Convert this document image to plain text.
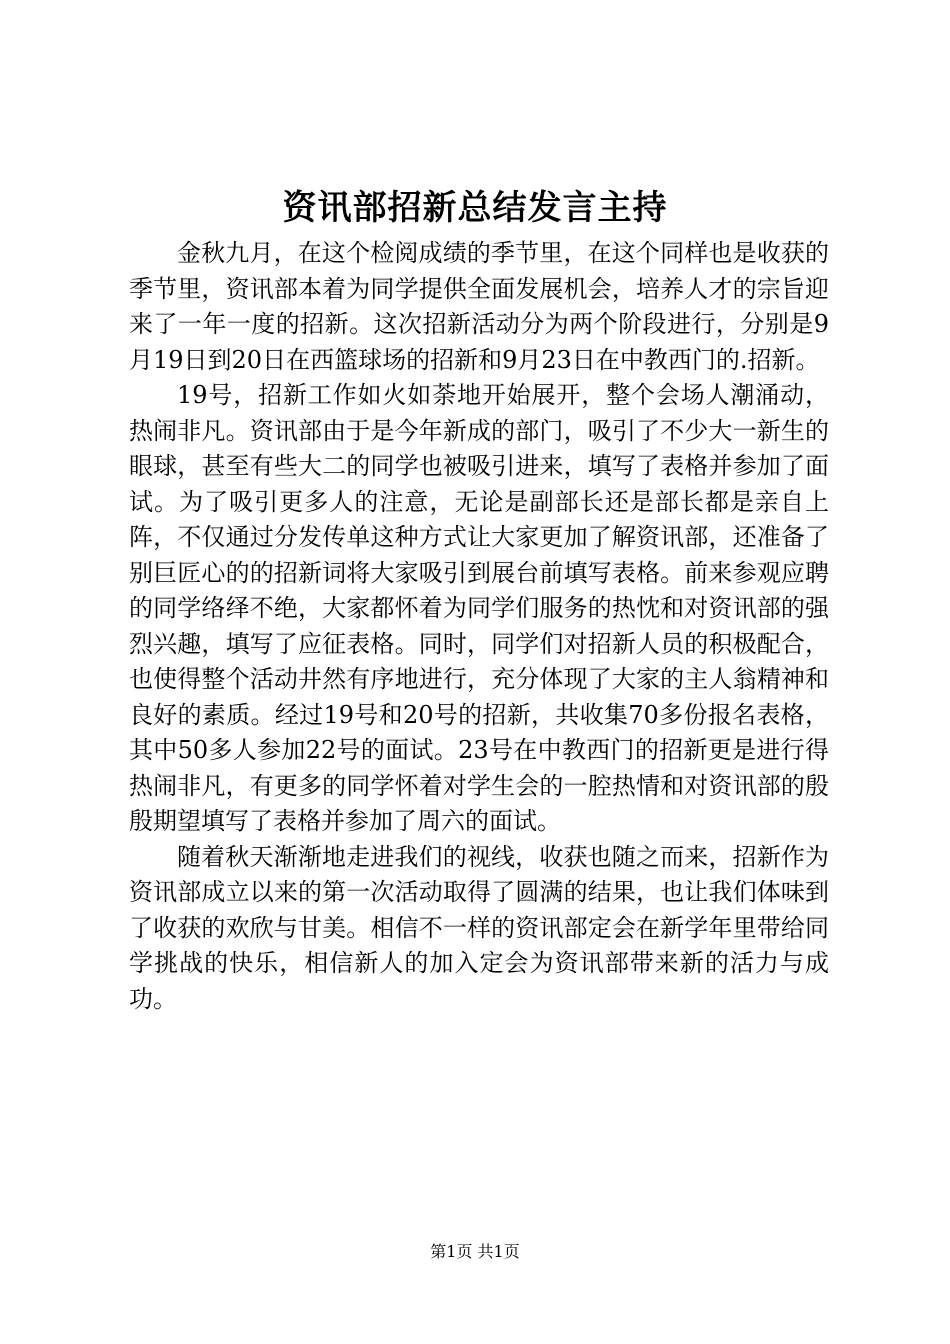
资讯部招新总结发言主持

金秋九月，在这个检阅成绩的季节里，在这个同样也是收获的季节里，资讯部本着为同学提供全面发展机会，培养人才的宗旨迎来了一年一度的招新。这次招新活动分为两个阶段进行，分别是9月19日到20日在西篮球场的招新和9月23日在中教西门的.招新。

19号，招新工作如火如荼地开始展开，整个会场人潮涌动，热闹非凡。资讯部由于是今年新成的部门，吸引了不少大一新生的眼球，甚至有些大二的同学也被吸引进来，填写了表格并参加了面试。为了吸引更多人的注意，无论是副部长还是部长都是亲自上阵，不仅通过分发传单这种方式让大家更加了解资讯部，还准备了别巨匠心的的招新词将大家吸引到展台前填写表格。前来参观应聘的同学络绎不绝，大家都怀着为同学们服务的热忱和对资讯部的强烈兴趣，填写了应征表格。同时，同学们对招新人员的积极配合，也使得整个活动井然有序地进行，充分体现了大家的主人翁精神和良好的素质。经过19号和20号的招新，共收集70多份报名表格，其中50多人参加22号的面试。23号在中教西门的招新更是进行得热闹非凡，有更多的同学怀着对学生会的一腔热情和对资讯部的殷殷期望填写了表格并参加了周六的面试。

随着秋天渐渐地走进我们的视线，收获也随之而来，招新作为资讯部成立以来的第一次活动取得了圆满的结果，也让我们体味到了收获的欢欣与甘美。相信不一样的资讯部定会在新学年里带给同学挑战的快乐，相信新人的加入定会为资讯部带来新的活力与成功。

第1页 共1页
